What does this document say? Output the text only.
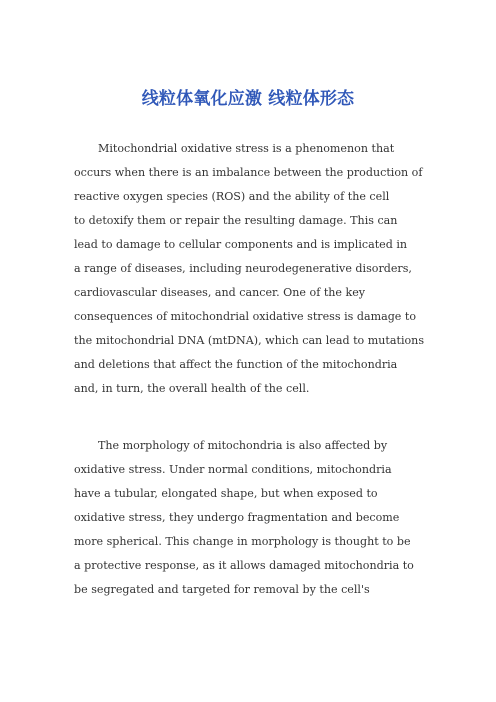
线粒体氧化应激 线粒体形态
Mitochondrial oxidative stress is a phenomenon that
occurs when there is an imbalance between the production of
reactive oxygen species (ROS) and the ability of the cell
to detoxify them or repair the resulting damage. This can
lead to damage to cellular components and is implicated in
a range of diseases, including neurodegenerative disorders,
cardiovascular diseases, and cancer. One of the key
consequences of mitochondrial oxidative stress is damage to
the mitochondrial DNA (mtDNA), which can lead to mutations
and deletions that affect the function of the mitochondria
and, in turn, the overall health of the cell.
The morphology of mitochondria is also affected by
oxidative stress. Under normal conditions, mitochondria
have a tubular, elongated shape, but when exposed to
oxidative stress, they undergo fragmentation and become
more spherical. This change in morphology is thought to be
a protective response, as it allows damaged mitochondria to
be segregated and targeted for removal by the cell's
